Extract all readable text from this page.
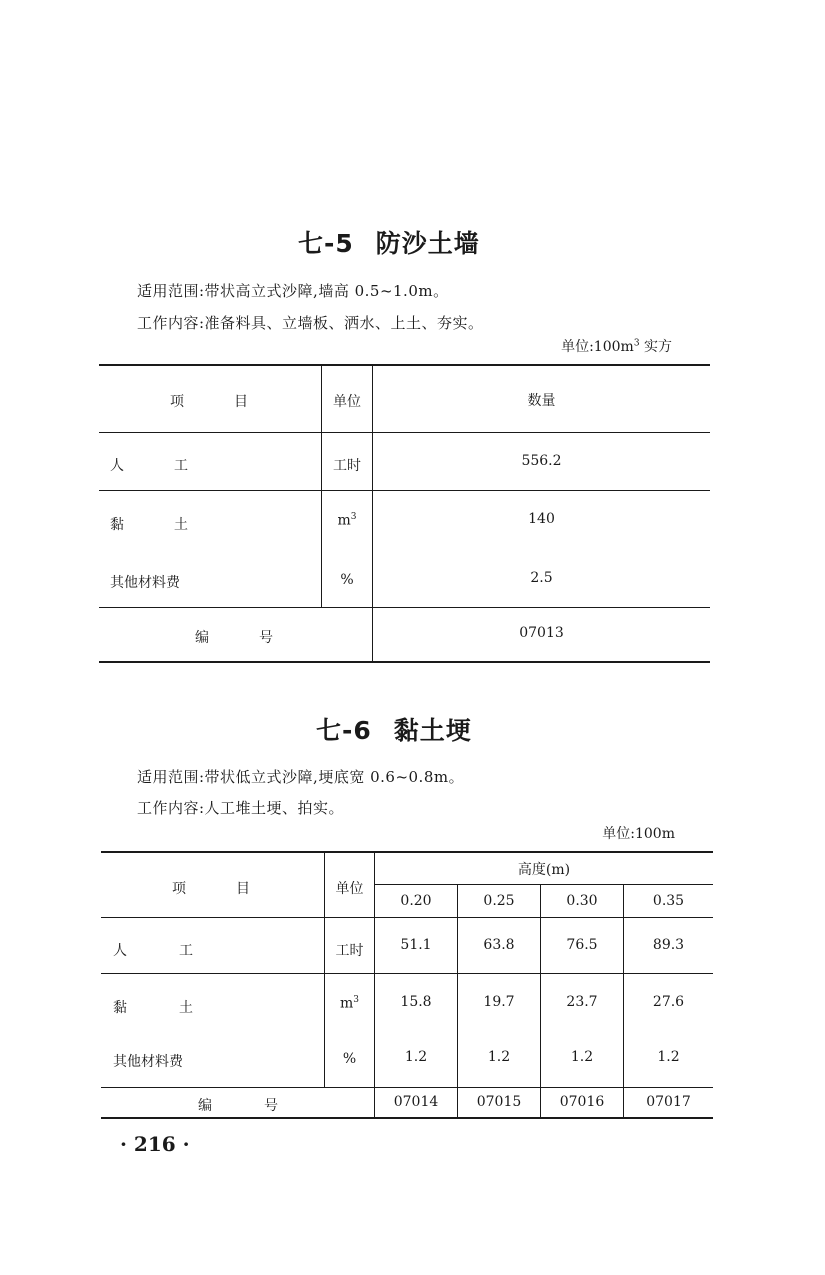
七-5 防沙土墙
适用范围:带状高立式沙障,墙高 0.5~1.0m。
工作内容:准备料具、立墙板、洒水、上土、夯实。
单位$:100m^3$ 实方
项	目	单位	数量
人	工	工时	556.2
黏	土	$m^3$	140
其他材料费	%	2.5
编	号	07013
七-6 黏土埂
适用范围:带状低立式沙障,埂底宽 0.6~0.8m。
工作内容:人工堆土埂、拍实。
单位:100m
项	目	单位
高度(m)
0.20	0.25	0.30	0.35
人	工	工时	51.1	63.8	76.5	89.3
黏	土	$m^3$	15.8	19.7	23.7	27.6
其他材料费	%	1.2	1.2	1.2	1.2
编	号	07014	07015	07016	07017
· 216 ·
